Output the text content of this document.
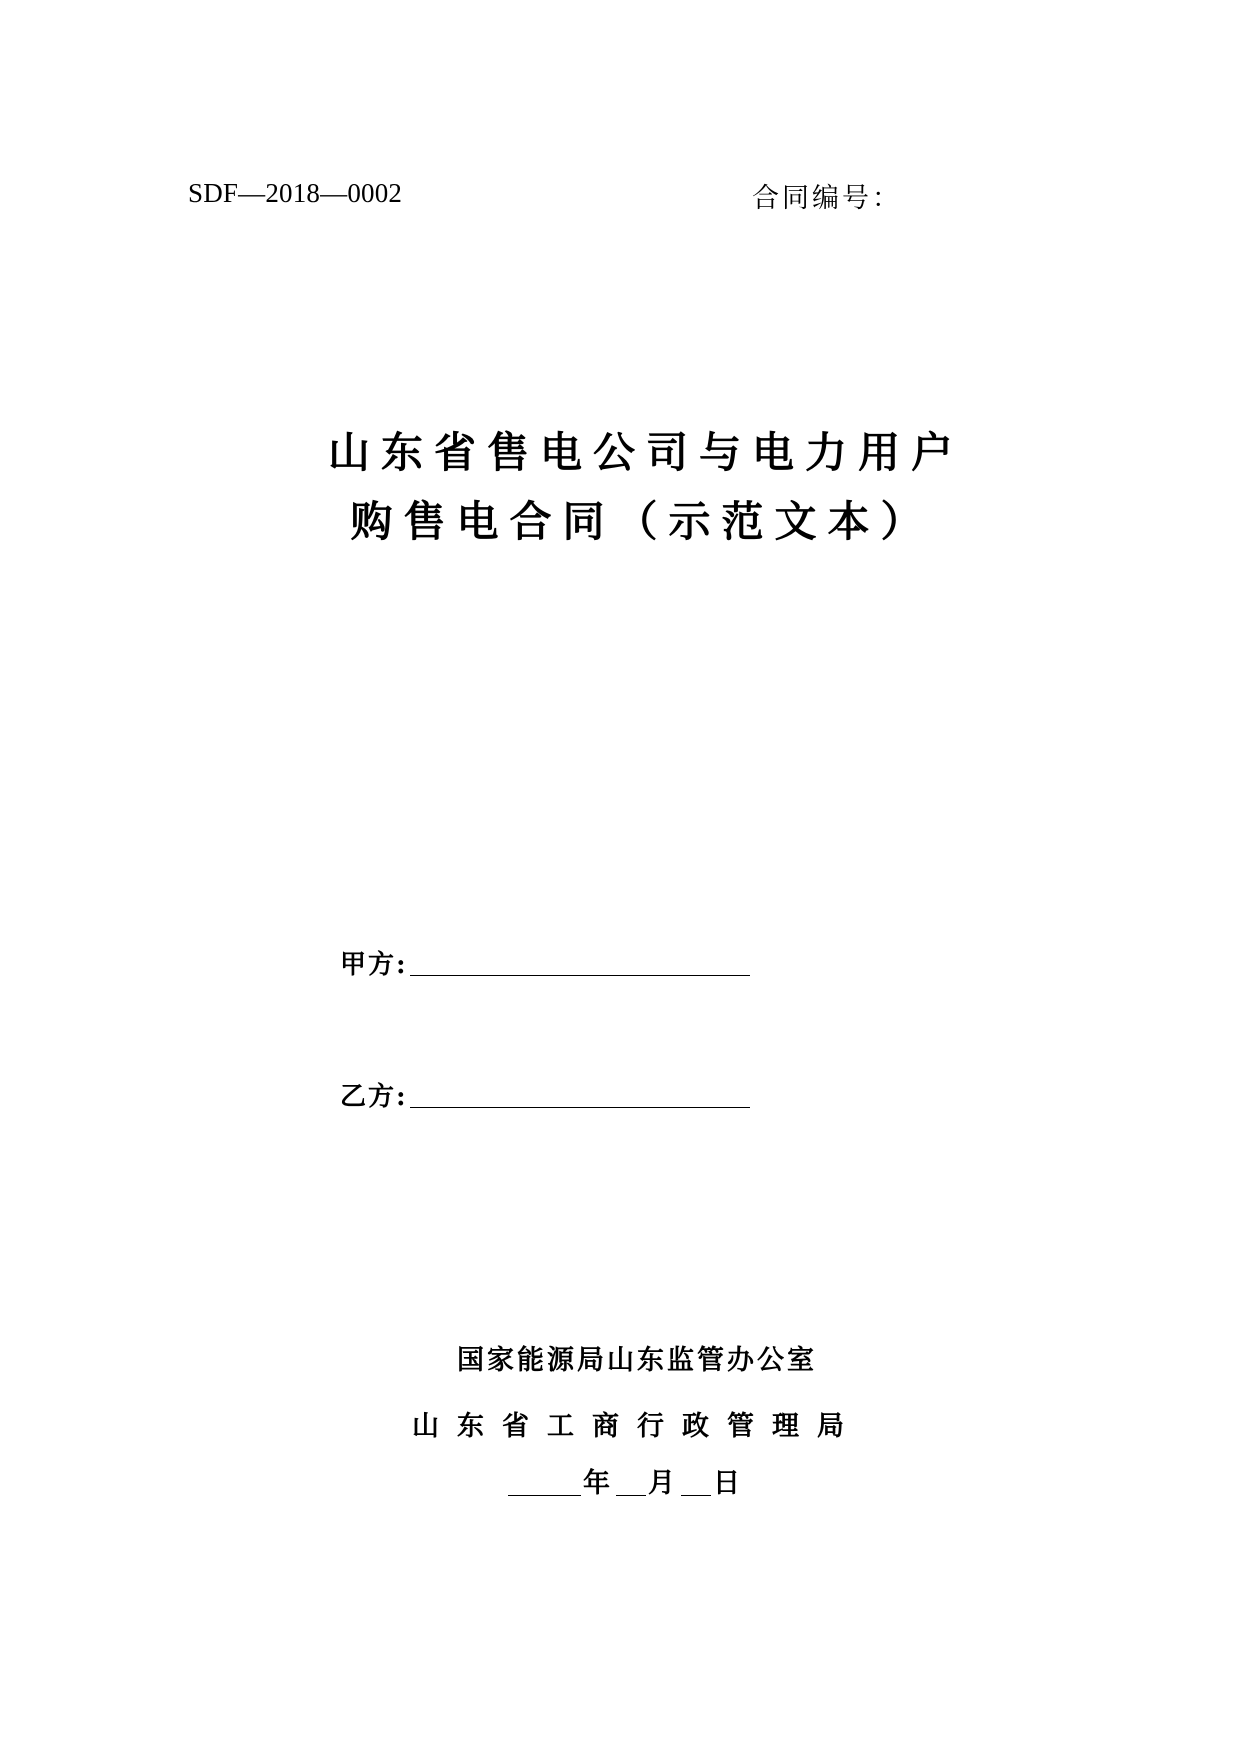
SDF—2018—0002	合同编号：
山东省售电公司与电力用户
购售电合同（示范文本）
甲方:
乙方:
国家能源局山东监管办公室
山东省工商行政管理局
年 月 日
